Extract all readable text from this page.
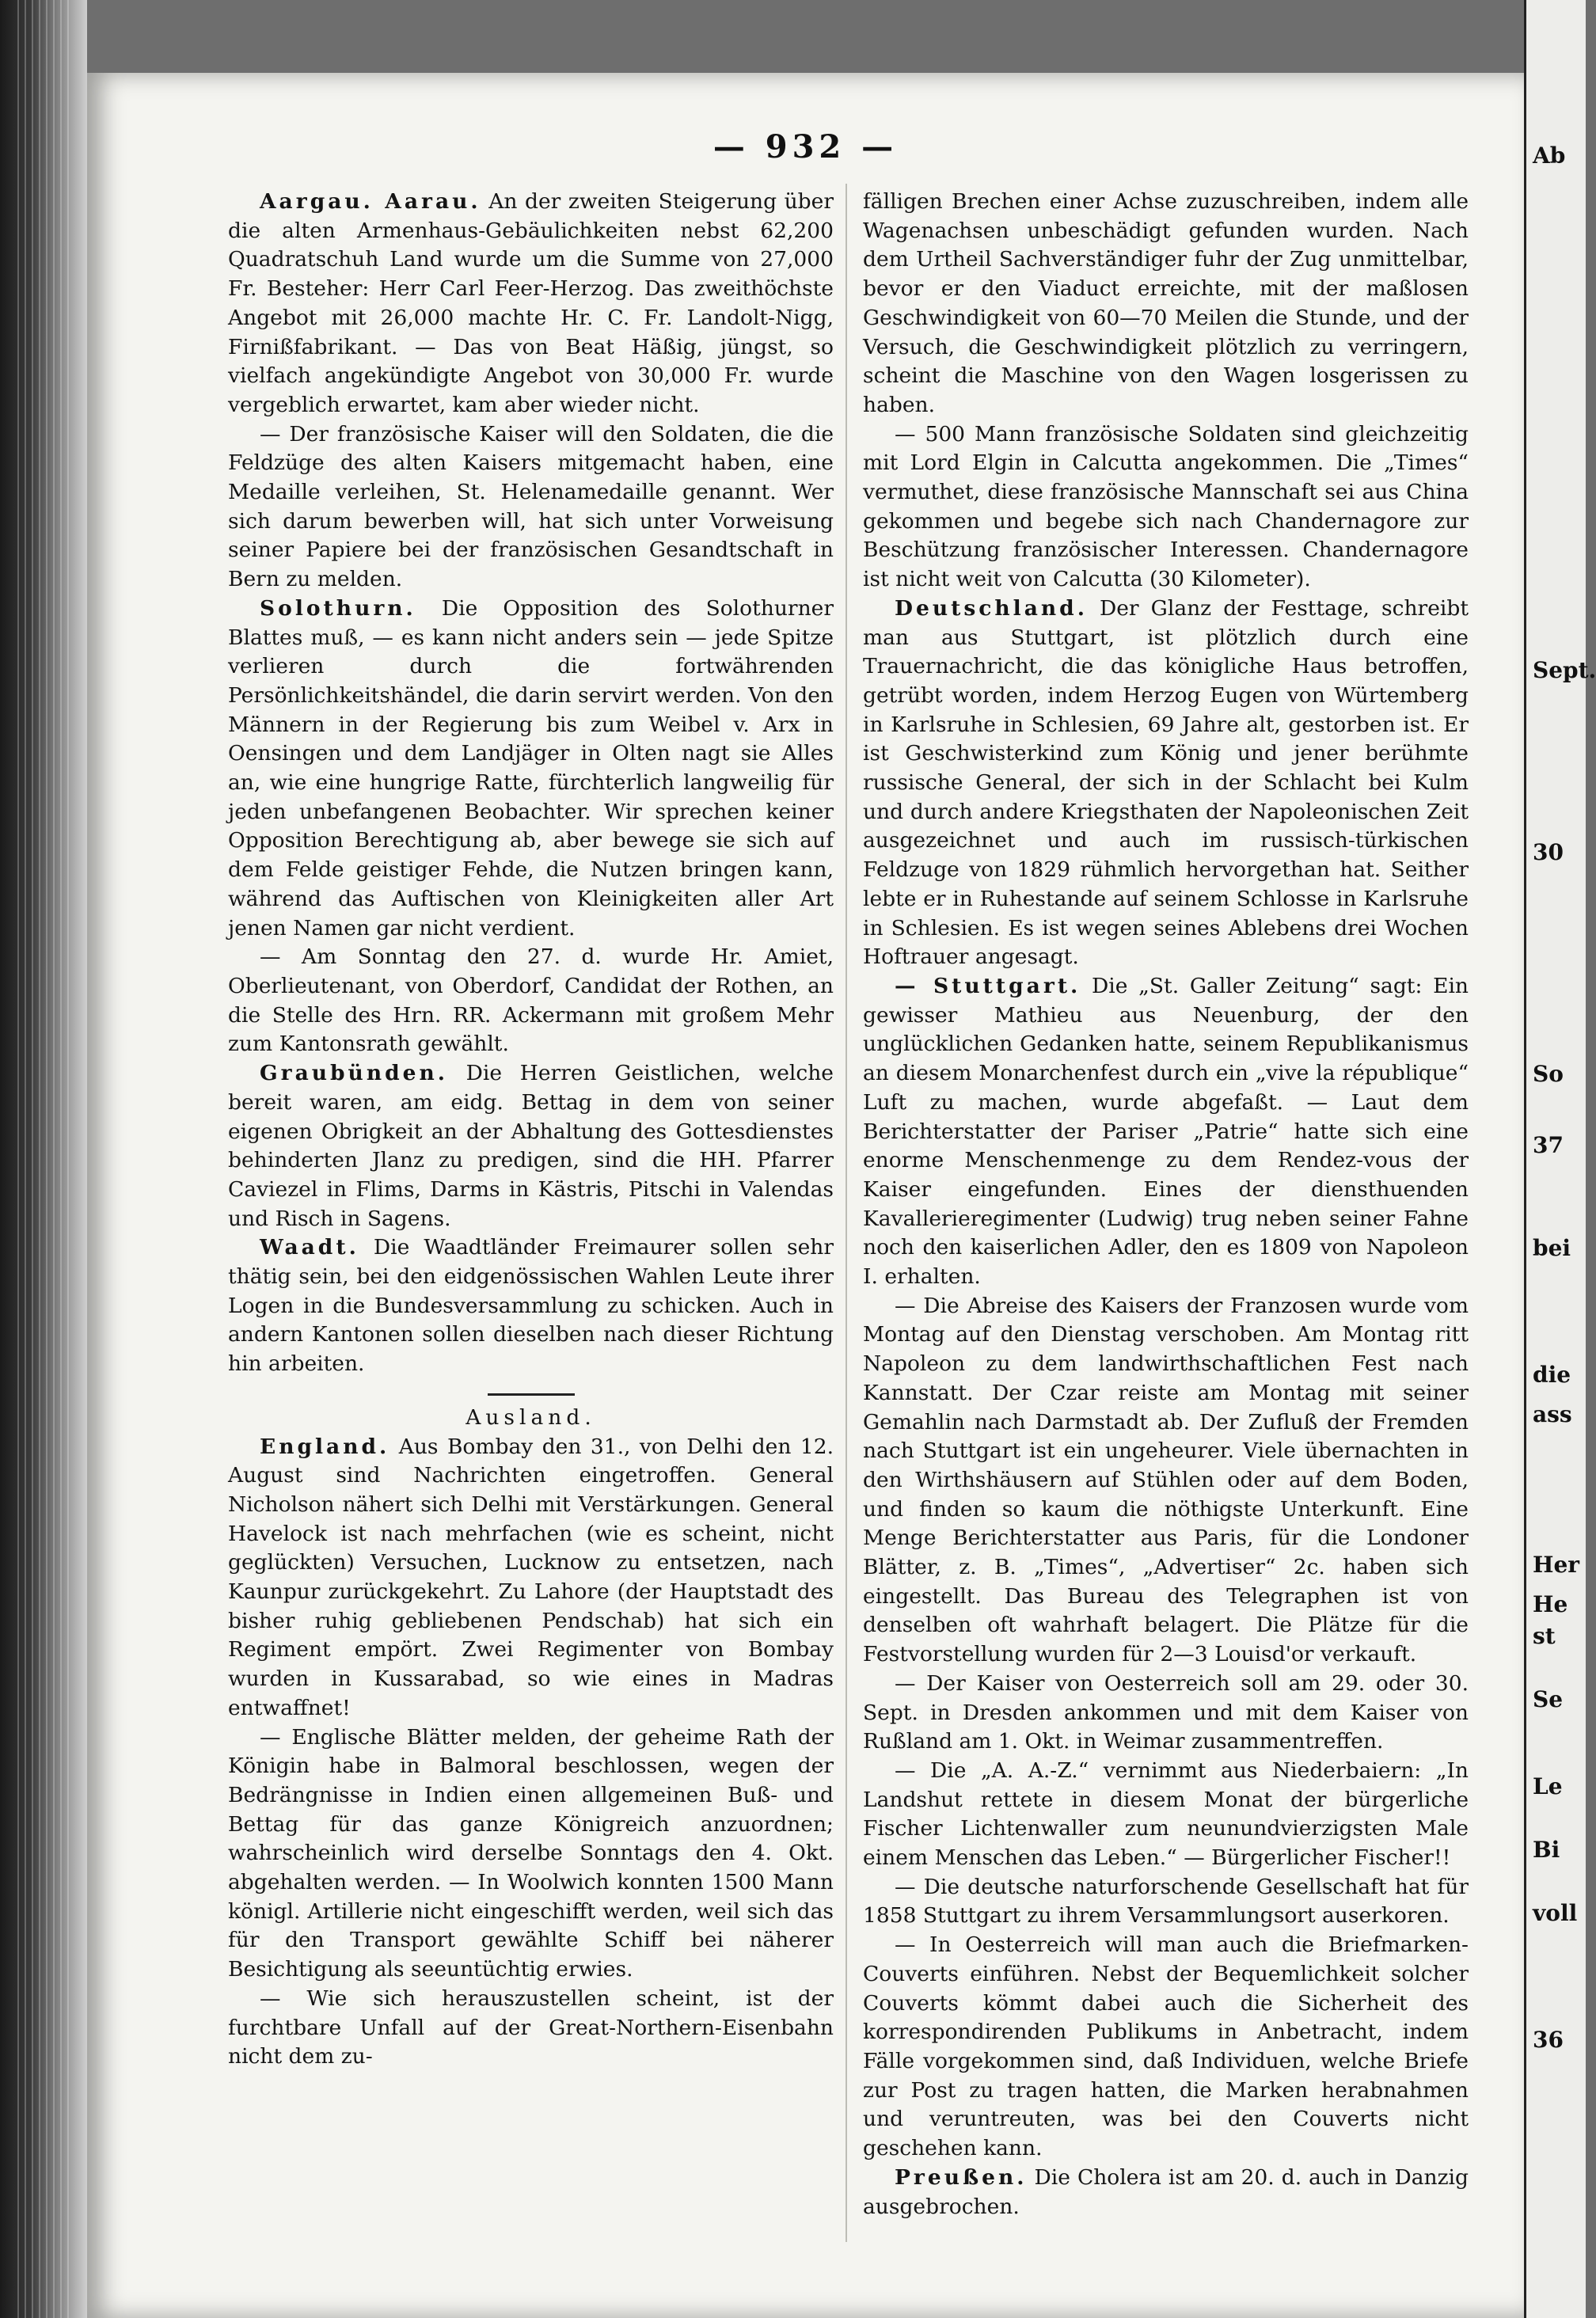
— 932 —

Aargau. Aarau. An der zweiten Steigerung über die alten Armenhaus-Gebäulichkeiten nebst 62,200 Quadratschuh Land wurde um die Summe von 27,000 Fr. Besteher: Herr Carl Feer-Herzog. Das zweithöchste Angebot mit 26,000 machte Hr. C. Fr. Landolt-Nigg, Firnißfabrikant. — Das von Beat Häßig, jüngst, so vielfach angekündigte Angebot von 30,000 Fr. wurde vergeblich erwartet, kam aber wieder nicht.

— Der französische Kaiser will den Soldaten, die die Feldzüge des alten Kaisers mitgemacht haben, eine Medaille verleihen, St. Helenamedaille genannt. Wer sich darum bewerben will, hat sich unter Vorweisung seiner Papiere bei der französischen Gesandtschaft in Bern zu melden.

Solothurn. Die Opposition des Solothurner Blattes muß, — es kann nicht anders sein — jede Spitze verlieren durch die fortwährenden Persönlichkeitshändel, die darin servirt werden. Von den Männern in der Regierung bis zum Weibel v. Arx in Oensingen und dem Landjäger in Olten nagt sie Alles an, wie eine hungrige Ratte, fürchterlich langweilig für jeden unbefangenen Beobachter. Wir sprechen keiner Opposition Berechtigung ab, aber bewege sie sich auf dem Felde geistiger Fehde, die Nutzen bringen kann, während das Auftischen von Kleinigkeiten aller Art jenen Namen gar nicht verdient.

— Am Sonntag den 27. d. wurde Hr. Amiet, Oberlieutenant, von Oberdorf, Candidat der Rothen, an die Stelle des Hrn. RR. Ackermann mit großem Mehr zum Kantonsrath gewählt.

Graubünden. Die Herren Geistlichen, welche bereit waren, am eidg. Bettag in dem von seiner eigenen Obrigkeit an der Abhaltung des Gottesdienstes behinderten Jlanz zu predigen, sind die HH. Pfarrer Caviezel in Flims, Darms in Kästris, Pitschi in Valendas und Risch in Sagens.

Waadt. Die Waadtländer Freimaurer sollen sehr thätig sein, bei den eidgenössischen Wahlen Leute ihrer Logen in die Bundesversammlung zu schicken. Auch in andern Kantonen sollen dieselben nach dieser Richtung hin arbeiten.

Ausland.

England. Aus Bombay den 31., von Delhi den 12. August sind Nachrichten eingetroffen. General Nicholson nähert sich Delhi mit Verstärkungen. General Havelock ist nach mehrfachen (wie es scheint, nicht geglückten) Versuchen, Lucknow zu entsetzen, nach Kaunpur zurückgekehrt. Zu Lahore (der Hauptstadt des bisher ruhig gebliebenen Pendschab) hat sich ein Regiment empört. Zwei Regimenter von Bombay wurden in Kussarabad, so wie eines in Madras entwaffnet!

— Englische Blätter melden, der geheime Rath der Königin habe in Balmoral beschlossen, wegen der Bedrängnisse in Indien einen allgemeinen Buß- und Bettag für das ganze Königreich anzuordnen; wahrscheinlich wird derselbe Sonntags den 4. Okt. abgehalten werden. — In Woolwich konnten 1500 Mann königl. Artillerie nicht eingeschifft werden, weil sich das für den Transport gewählte Schiff bei näherer Besichtigung als seeuntüchtig erwies.

— Wie sich herauszustellen scheint, ist der furchtbare Unfall auf der Great-Northern-Eisenbahn nicht dem zu-

fälligen Brechen einer Achse zuzuschreiben, indem alle Wagenachsen unbeschädigt gefunden wurden. Nach dem Urtheil Sachverständiger fuhr der Zug unmittelbar, bevor er den Viaduct erreichte, mit der maßlosen Geschwindigkeit von 60—70 Meilen die Stunde, und der Versuch, die Geschwindigkeit plötzlich zu verringern, scheint die Maschine von den Wagen losgerissen zu haben.

— 500 Mann französische Soldaten sind gleichzeitig mit Lord Elgin in Calcutta angekommen. Die „Times“ vermuthet, diese französische Mannschaft sei aus China gekommen und begebe sich nach Chandernagore zur Beschützung französischer Interessen. Chandernagore ist nicht weit von Calcutta (30 Kilometer).

Deutschland. Der Glanz der Festtage, schreibt man aus Stuttgart, ist plötzlich durch eine Trauernachricht, die das königliche Haus betroffen, getrübt worden, indem Herzog Eugen von Würtemberg in Karlsruhe in Schlesien, 69 Jahre alt, gestorben ist. Er ist Geschwisterkind zum König und jener berühmte russische General, der sich in der Schlacht bei Kulm und durch andere Kriegsthaten der Napoleonischen Zeit ausgezeichnet und auch im russisch-türkischen Feldzuge von 1829 rühmlich hervorgethan hat. Seither lebte er in Ruhestande auf seinem Schlosse in Karlsruhe in Schlesien. Es ist wegen seines Ablebens drei Wochen Hoftrauer angesagt.

— Stuttgart. Die „St. Galler Zeitung“ sagt: Ein gewisser Mathieu aus Neuenburg, der den unglücklichen Gedanken hatte, seinem Republikanismus an diesem Monarchenfest durch ein „vive la république“ Luft zu machen, wurde abgefaßt. — Laut dem Berichterstatter der Pariser „Patrie“ hatte sich eine enorme Menschenmenge zu dem Rendez-vous der Kaiser eingefunden. Eines der diensthuenden Kavallerieregimenter (Ludwig) trug neben seiner Fahne noch den kaiserlichen Adler, den es 1809 von Napoleon I. erhalten.

— Die Abreise des Kaisers der Franzosen wurde vom Montag auf den Dienstag verschoben. Am Montag ritt Napoleon zu dem landwirthschaftlichen Fest nach Kannstatt. Der Czar reiste am Montag mit seiner Gemahlin nach Darmstadt ab. Der Zufluß der Fremden nach Stuttgart ist ein ungeheurer. Viele übernachten in den Wirthshäusern auf Stühlen oder auf dem Boden, und finden so kaum die nöthigste Unterkunft. Eine Menge Berichterstatter aus Paris, für die Londoner Blätter, z. B. „Times“, „Advertiser“ 2c. haben sich eingestellt. Das Bureau des Telegraphen ist von denselben oft wahrhaft belagert. Die Plätze für die Festvorstellung wurden für 2—3 Louisd'or verkauft.

— Der Kaiser von Oesterreich soll am 29. oder 30. Sept. in Dresden ankommen und mit dem Kaiser von Rußland am 1. Okt. in Weimar zusammentreffen.

— Die „A. A.-Z.“ vernimmt aus Niederbaiern: „In Landshut rettete in diesem Monat der bürgerliche Fischer Lichtenwaller zum neunundvierzigsten Male einem Menschen das Leben.“ — Bürgerlicher Fischer!!

— Die deutsche naturforschende Gesellschaft hat für 1858 Stuttgart zu ihrem Versammlungsort auserkoren.

— In Oesterreich will man auch die Briefmarken-Couverts einführen. Nebst der Bequemlichkeit solcher Couverts kömmt dabei auch die Sicherheit des korrespondirenden Publikums in Anbetracht, indem Fälle vorgekommen sind, daß Individuen, welche Briefe zur Post zu tragen hatten, die Marken herabnahmen und veruntreuten, was bei den Couverts nicht geschehen kann.

Preußen. Die Cholera ist am 20. d. auch in Danzig ausgebrochen.

Ab
Sept.
30
So
37
bei
die
ass
Her
He
st
Se
Le
Bi
voll
36
